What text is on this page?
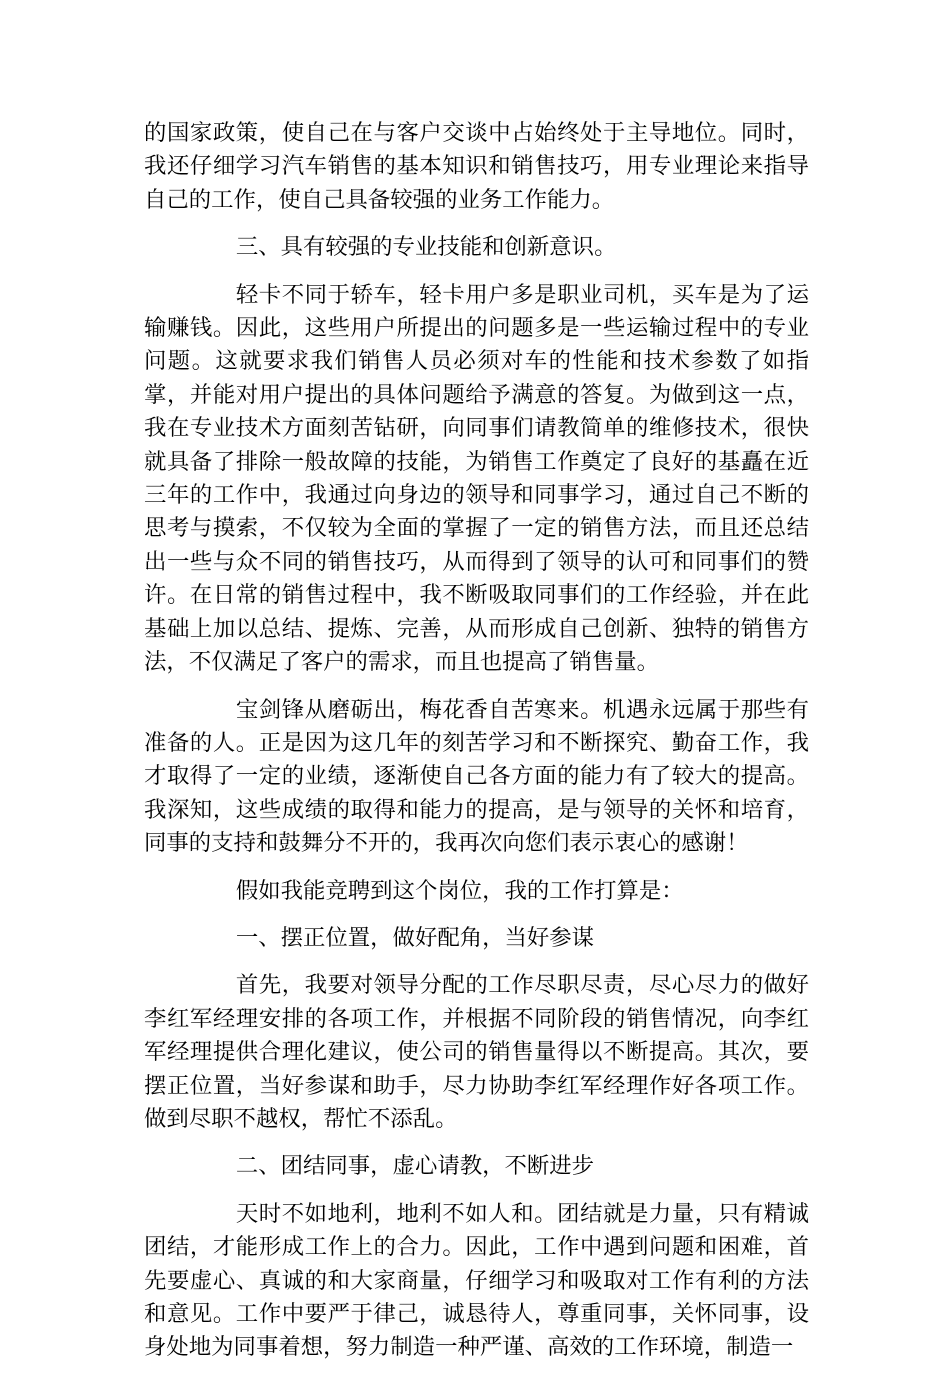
的国家政策，使自己在与客户交谈中占始终处于主导地位。同时，我还仔细学习汽车销售的基本知识和销售技巧，用专业理论来指导自己的工作，使自己具备较强的业务工作能力。

三、具有较强的专业技能和创新意识。

轻卡不同于轿车，轻卡用户多是职业司机，买车是为了运输赚钱。因此，这些用户所提出的问题多是一些运输过程中的专业问题。这就要求我们销售人员必须对车的性能和技术参数了如指掌，并能对用户提出的具体问题给予满意的答复。为做到这一点，我在专业技术方面刻苦钻研，向同事们请教简单的维修技术，很快就具备了排除一般故障的技能，为销售工作奠定了良好的基矗在近三年的工作中，我通过向身边的领导和同事学习，通过自己不断的思考与摸索，不仅较为全面的掌握了一定的销售方法，而且还总结出一些与众不同的销售技巧，从而得到了领导的认可和同事们的赞许。在日常的销售过程中，我不断吸取同事们的工作经验，并在此基础上加以总结、提炼、完善，从而形成自己创新、独特的销售方法，不仅满足了客户的需求，而且也提高了销售量。

宝剑锋从磨砺出，梅花香自苦寒来。机遇永远属于那些有准备的人。正是因为这几年的刻苦学习和不断探究、勤奋工作，我才取得了一定的业绩，逐渐使自己各方面的能力有了较大的提高。我深知，这些成绩的取得和能力的提高，是与领导的关怀和培育，同事的支持和鼓舞分不开的，我再次向您们表示衷心的感谢！

假如我能竞聘到这个岗位，我的工作打算是：

一、摆正位置，做好配角，当好参谋

首先，我要对领导分配的工作尽职尽责，尽心尽力的做好李红军经理安排的各项工作，并根据不同阶段的销售情况，向李红军经理提供合理化建议，使公司的销售量得以不断提高。其次，要摆正位置，当好参谋和助手，尽力协助李红军经理作好各项工作。做到尽职不越权，帮忙不添乱。

二、团结同事，虚心请教，不断进步

天时不如地利，地利不如人和。团结就是力量，只有精诚团结，才能形成工作上的合力。因此，工作中遇到问题和困难，首先要虚心、真诚的和大家商量，仔细学习和吸取对工作有利的方法和意见。工作中要严于律己，诚恳待人，尊重同事，关怀同事，设身处地为同事着想，努力制造一种严谨、高效的工作环境，制造一
